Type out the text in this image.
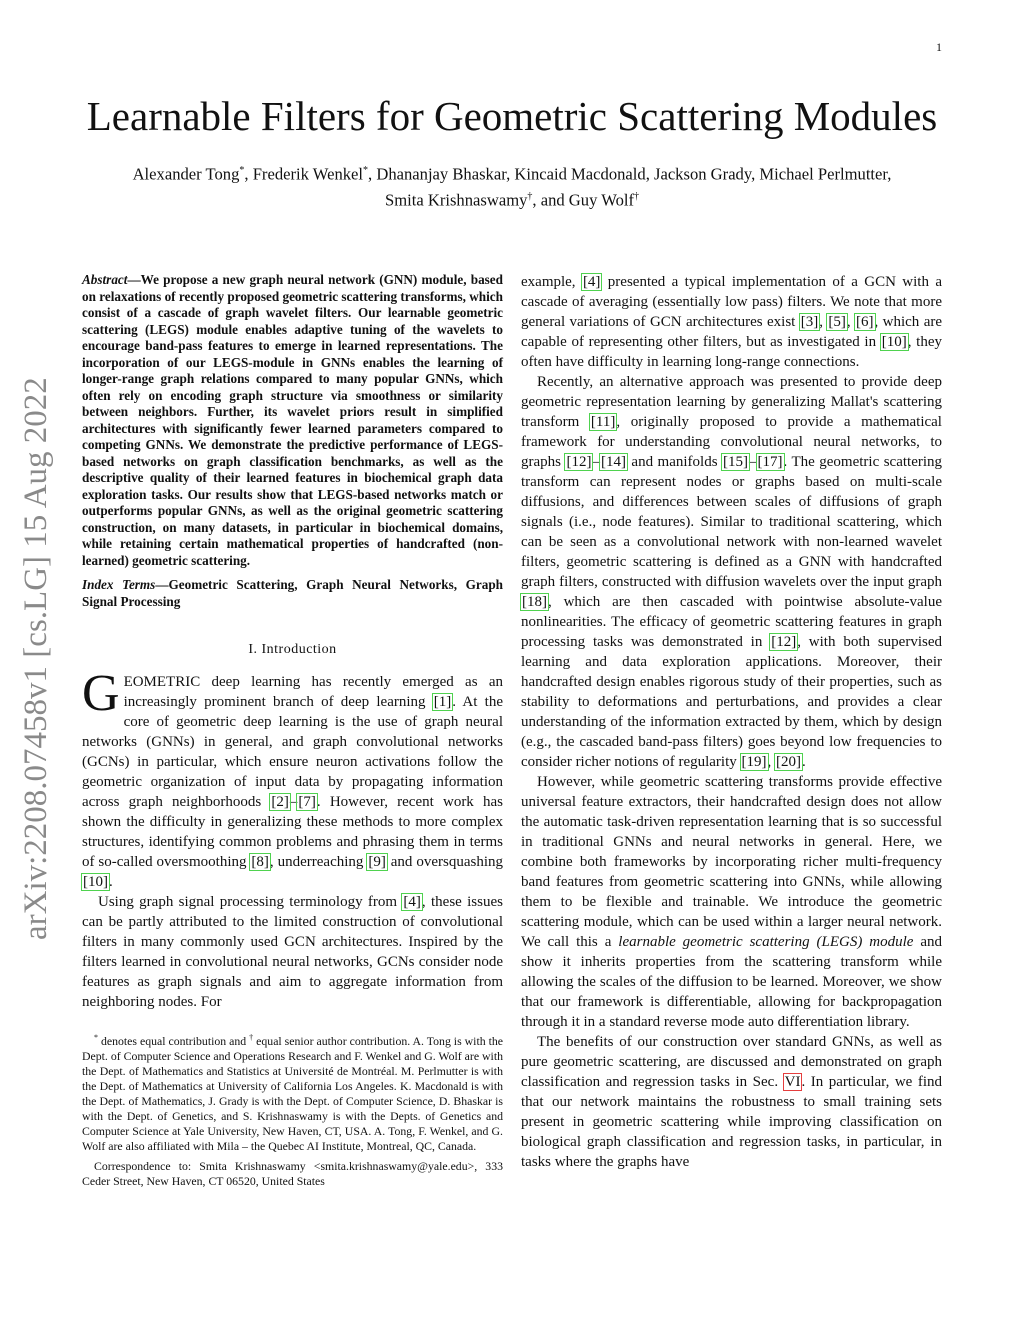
1
arXiv:2208.07458v1 [cs.LG] 15 Aug 2022
Learnable Filters for Geometric Scattering Modules
Alexander Tong*, Frederik Wenkel*, Dhananjay Bhaskar, Kincaid Macdonald, Jackson Grady, Michael Perlmutter,
Smita Krishnaswamy†, and Guy Wolf†
Abstract—We propose a new graph neural network (GNN) module, based on relaxations of recently proposed geometric scattering transforms, which consist of a cascade of graph wavelet filters. Our learnable geometric scattering (LEGS) module enables adaptive tuning of the wavelets to encourage band-pass features to emerge in learned representations. The incorporation of our LEGS-module in GNNs enables the learning of longer-range graph relations compared to many popular GNNs, which often rely on encoding graph structure via smoothness or similarity between neighbors. Further, its wavelet priors result in simplified architectures with significantly fewer learned parameters compared to competing GNNs. We demonstrate the predictive performance of LEGS-based networks on graph classification benchmarks, as well as the descriptive quality of their learned features in biochemical graph data exploration tasks. Our results show that LEGS-based networks match or outperforms popular GNNs, as well as the original geometric scattering construction, on many datasets, in particular in biochemical domains, while retaining certain mathematical properties of handcrafted (non-learned) geometric scattering.
Index Terms—Geometric Scattering, Graph Neural Networks, Graph Signal Processing
I. Introduction

GEOMETRIC deep learning has recently emerged as an increasingly prominent branch of deep learning [1]. At the core of geometric deep learning is the use of graph neural networks (GNNs) in general, and graph convolutional networks (GCNs) in particular, which ensure neuron activations follow the geometric organization of input data by propagating information across graph neighborhoods [2]–[7]. However, recent work has shown the difficulty in generalizing these methods to more complex structures, identifying common problems and phrasing them in terms of so-called oversmoothing [8], underreaching [9] and oversquashing [10].

Using graph signal processing terminology from [4], these issues can be partly attributed to the limited construction of convolutional filters in many commonly used GCN architectures. Inspired by the filters learned in convolutional neural networks, GCNs consider node features as graph signals and aim to aggregate information from neighboring nodes. For

* denotes equal contribution and † equal senior author contribution. A. Tong is with the Dept. of Computer Science and Operations Research and F. Wenkel and G. Wolf are with the Dept. of Mathematics and Statistics at Université de Montréal. M. Perlmutter is with the Dept. of Mathematics at University of California Los Angeles. K. Macdonald is with the Dept. of Mathematics, J. Grady is with the Dept. of Computer Science, D. Bhaskar is with the Dept. of Genetics, and S. Krishnaswamy is with the Depts. of Genetics and Computer Science at Yale University, New Haven, CT, USA. A. Tong, F. Wenkel, and G. Wolf are also affiliated with Mila – the Quebec AI Institute, Montreal, QC, Canada.

Correspondence to: Smita Krishnaswamy <smita.krishnaswamy@yale.edu>, 333 Ceder Street, New Haven, CT 06520, United States

example, [4] presented a typical implementation of a GCN with a cascade of averaging (essentially low pass) filters. We note that more general variations of GCN architectures exist [3], [5], [6], which are capable of representing other filters, but as investigated in [10], they often have difficulty in learning long-range connections.

Recently, an alternative approach was presented to provide deep geometric representation learning by generalizing Mallat's scattering transform [11], originally proposed to provide a mathematical framework for understanding convolutional neural networks, to graphs [12]–[14] and manifolds [15]–[17]. The geometric scattering transform can represent nodes or graphs based on multi-scale diffusions, and differences between scales of diffusions of graph signals (i.e., node features). Similar to traditional scattering, which can be seen as a convolutional network with non-learned wavelet filters, geometric scattering is defined as a GNN with handcrafted graph filters, constructed with diffusion wavelets over the input graph [18], which are then cascaded with pointwise absolute-value nonlinearities. The efficacy of geometric scattering features in graph processing tasks was demonstrated in [12], with both supervised learning and data exploration applications. Moreover, their handcrafted design enables rigorous study of their properties, such as stability to deformations and perturbations, and provides a clear understanding of the information extracted by them, which by design (e.g., the cascaded band-pass filters) goes beyond low frequencies to consider richer notions of regularity [19], [20].

However, while geometric scattering transforms provide effective universal feature extractors, their handcrafted design does not allow the automatic task-driven representation learning that is so successful in traditional GNNs and neural networks in general. Here, we combine both frameworks by incorporating richer multi-frequency band features from geometric scattering into GNNs, while allowing them to be flexible and trainable. We introduce the geometric scattering module, which can be used within a larger neural network. We call this a learnable geometric scattering (LEGS) module and show it inherits properties from the scattering transform while allowing the scales of the diffusion to be learned. Moreover, we show that our framework is differentiable, allowing for backpropagation through it in a standard reverse mode auto differentiation library.

The benefits of our construction over standard GNNs, as well as pure geometric scattering, are discussed and demonstrated on graph classification and regression tasks in Sec. VI. In particular, we find that our network maintains the robustness to small training sets present in geometric scattering while improving classification on biological graph classification and regression tasks, in particular, in tasks where the graphs have
